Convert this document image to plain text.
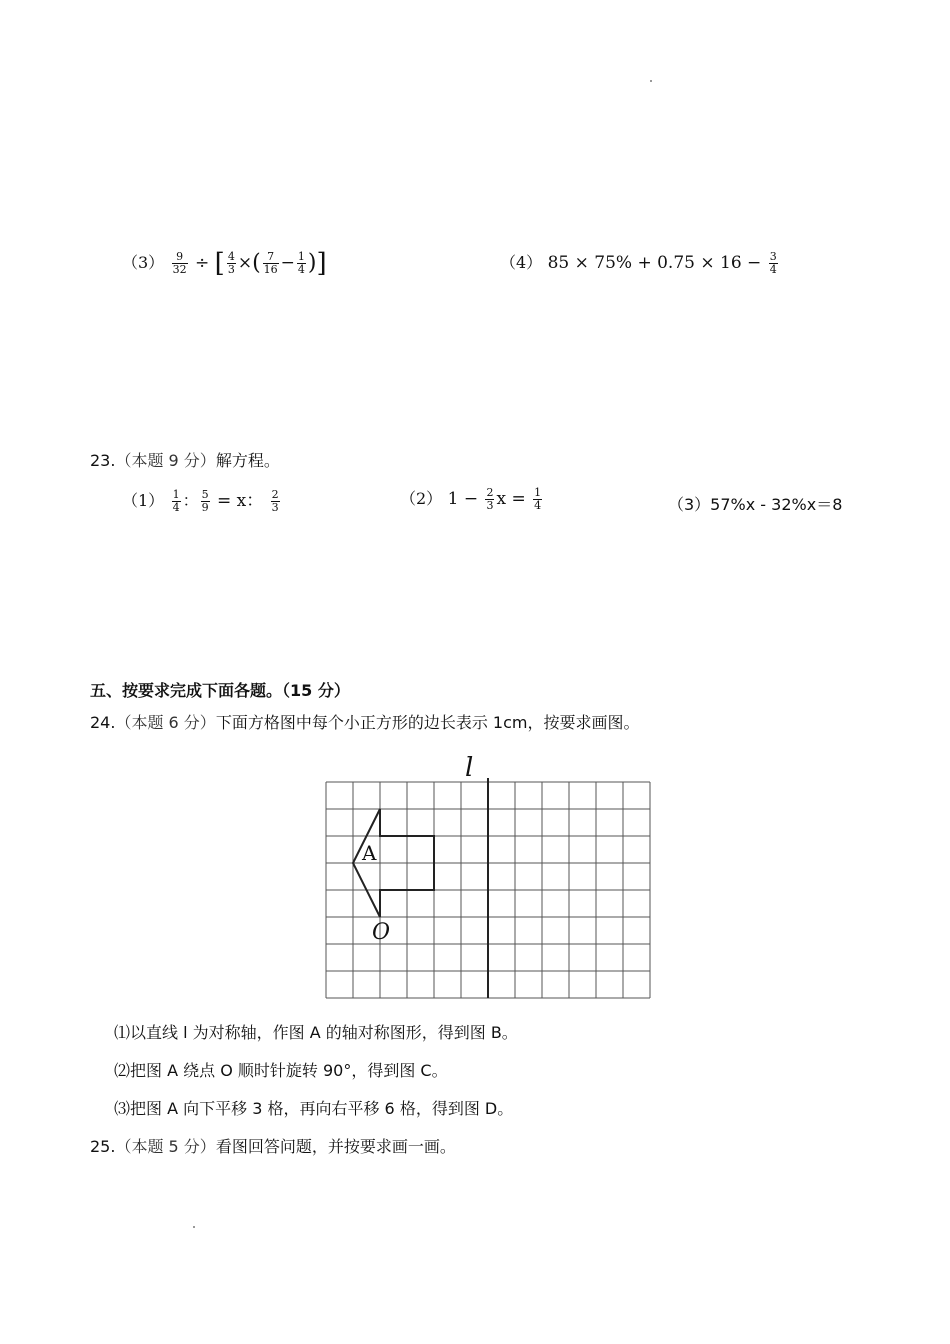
$(3) \frac{9}{32}$ ÷ [ $\frac{4}{3}$ ×( $\frac{7}{16} - \frac{1}{4}$ )]	（4） $85 \times 75\% + 0.75 \times 16 - \frac{3}{4}$
23.（本题 9 分）解方程。
$(1) \frac{1}{4}$ ： $\frac{5}{9} = x$： $\frac{2}{3}$	（2） $1 - \frac{2}{3}$ $x = \frac{1}{4}$	（3）57%x - 32%x＝8
五、按要求完成下面各题。（15 分）
24.（本题 6 分）下面方格图中每个小正方形的边长表示 1cm，按要求画图。
l
A
O
⑴以直线 l 为对称轴，作图 A 的轴对称图形，得到图 B。
⑵把图 A 绕点 O 顺时针旋转 90°，得到图 C。
⑶把图 A 向下平移 3 格，再向右平移 6 格，得到图 D。
25.（本题 5 分）看图回答问题，并按要求画一画。
